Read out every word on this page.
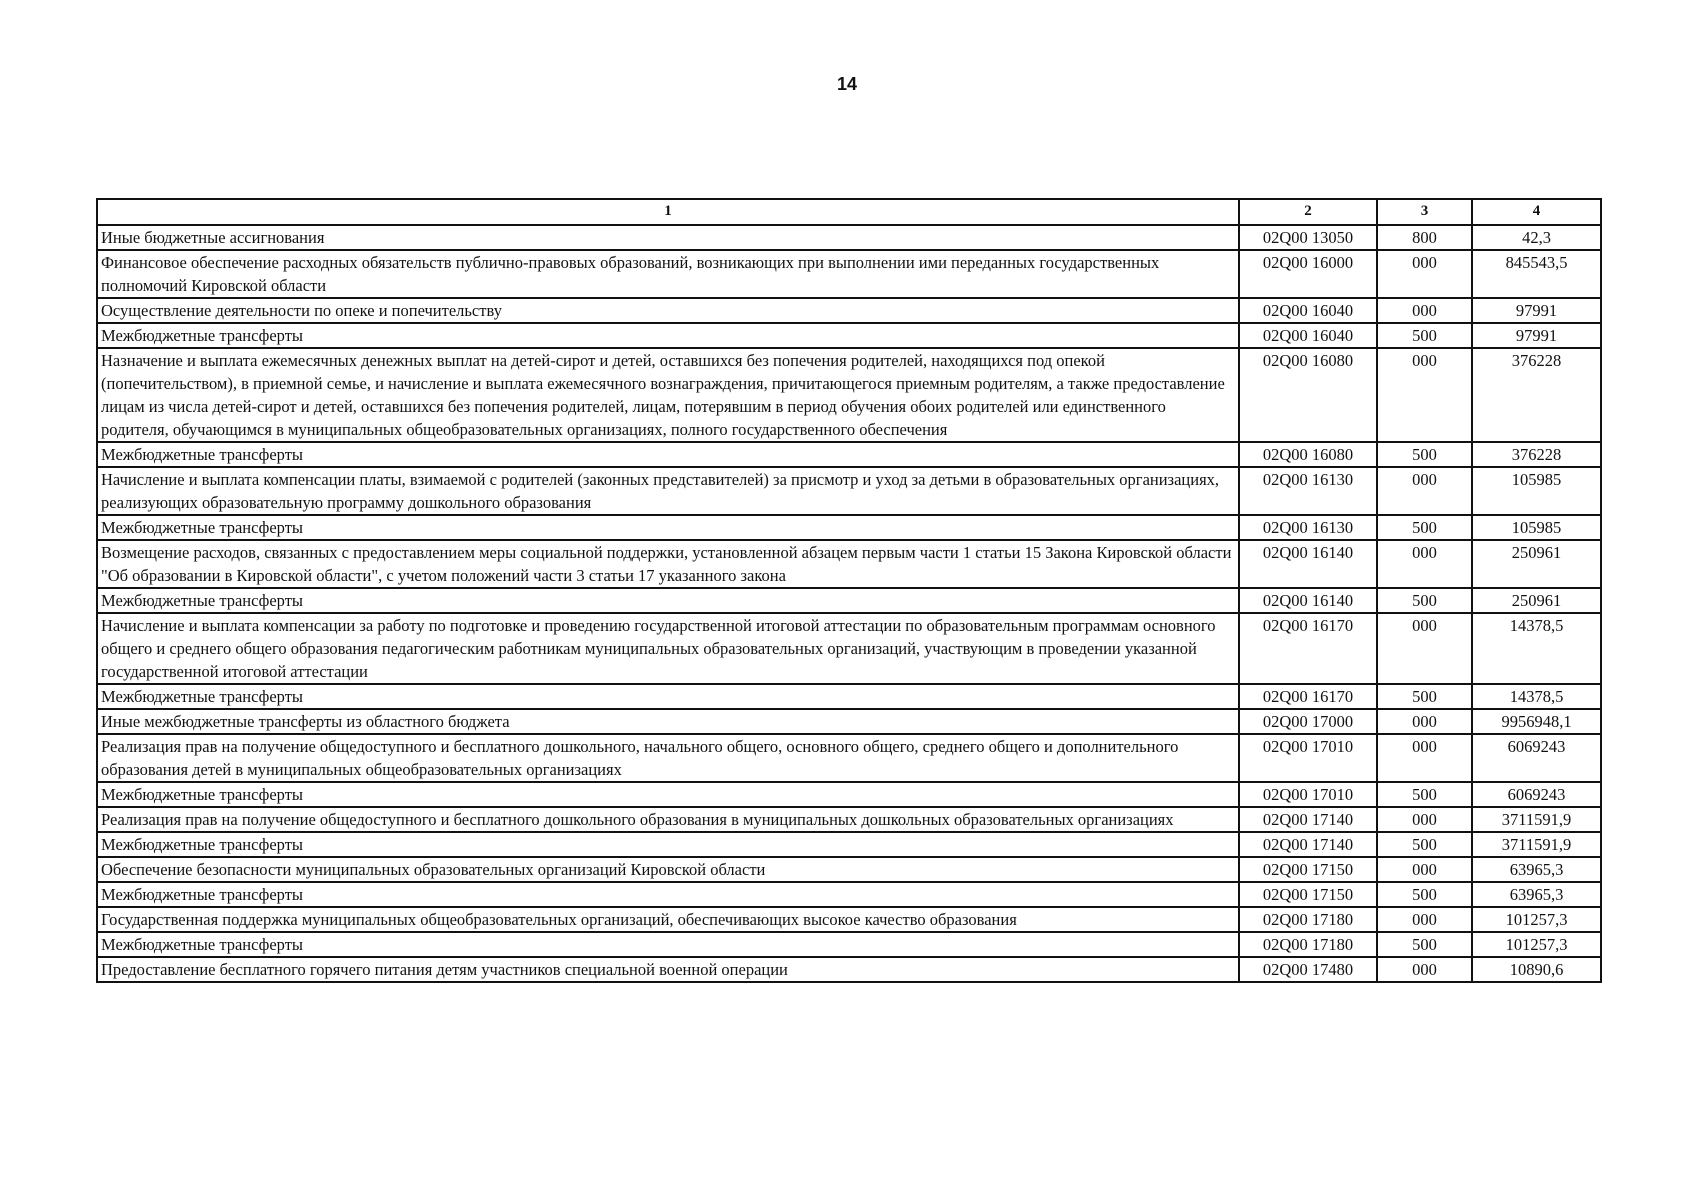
14
1	2	3	4
Иные бюджетные ассигнования	02Q00 13050	800	42,3
Финансовое обеспечение расходных обязательств публично-правовых образований, возникающих при выполнении ими переданных государственных полномочий Кировской области	02Q00 16000	000	845543,5
Осуществление деятельности по опеке и попечительству	02Q00 16040	000	97991
Межбюджетные трансферты	02Q00 16040	500	97991
Назначение и выплата ежемесячных денежных выплат на детей-сирот и детей, оставшихся без попечения родителей, находящихся под опекой (попечительством), в приемной семье, и начисление и выплата ежемесячного вознаграждения, причитающегося приемным родителям, а также предоставление лицам из числа детей-сирот и детей, оставшихся без попечения родителей, лицам, потерявшим в период обучения обоих родителей или единственного родителя, обучающимся в муниципальных общеобразовательных организациях, полного государственного обеспечения	02Q00 16080	000	376228
Межбюджетные трансферты	02Q00 16080	500	376228
Начисление и выплата компенсации платы, взимаемой с родителей (законных представителей) за присмотр и уход за детьми в образовательных организациях, реализующих образовательную программу дошкольного образования	02Q00 16130	000	105985
Межбюджетные трансферты	02Q00 16130	500	105985
Возмещение расходов, связанных с предоставлением меры социальной поддержки, установленной абзацем первым части 1 статьи 15 Закона Кировской области "Об образовании в Кировской области", с учетом положений части 3 статьи 17 указанного закона	02Q00 16140	000	250961
Межбюджетные трансферты	02Q00 16140	500	250961
Начисление и выплата компенсации за работу по подготовке и проведению государственной итоговой аттестации по образовательным программам основного общего и среднего общего образования педагогическим работникам муниципальных образовательных организаций, участвующим в проведении указанной государственной итоговой аттестации	02Q00 16170	000	14378,5
Межбюджетные трансферты	02Q00 16170	500	14378,5
Иные межбюджетные трансферты из областного бюджета	02Q00 17000	000	9956948,1
Реализация прав на получение общедоступного и бесплатного дошкольного, начального общего, основного общего, среднего общего и дополнительного образования детей в муниципальных общеобразовательных организациях	02Q00 17010	000	6069243
Межбюджетные трансферты	02Q00 17010	500	6069243
Реализация прав на получение общедоступного и бесплатного дошкольного образования в муниципальных дошкольных образовательных организациях	02Q00 17140	000	3711591,9
Межбюджетные трансферты	02Q00 17140	500	3711591,9
Обеспечение безопасности муниципальных образовательных организаций Кировской области	02Q00 17150	000	63965,3
Межбюджетные трансферты	02Q00 17150	500	63965,3
Государственная поддержка муниципальных общеобразовательных организаций, обеспечивающих высокое качество образования	02Q00 17180	000	101257,3
Межбюджетные трансферты	02Q00 17180	500	101257,3
Предоставление бесплатного горячего питания детям участников специальной военной операции	02Q00 17480	000	10890,6
